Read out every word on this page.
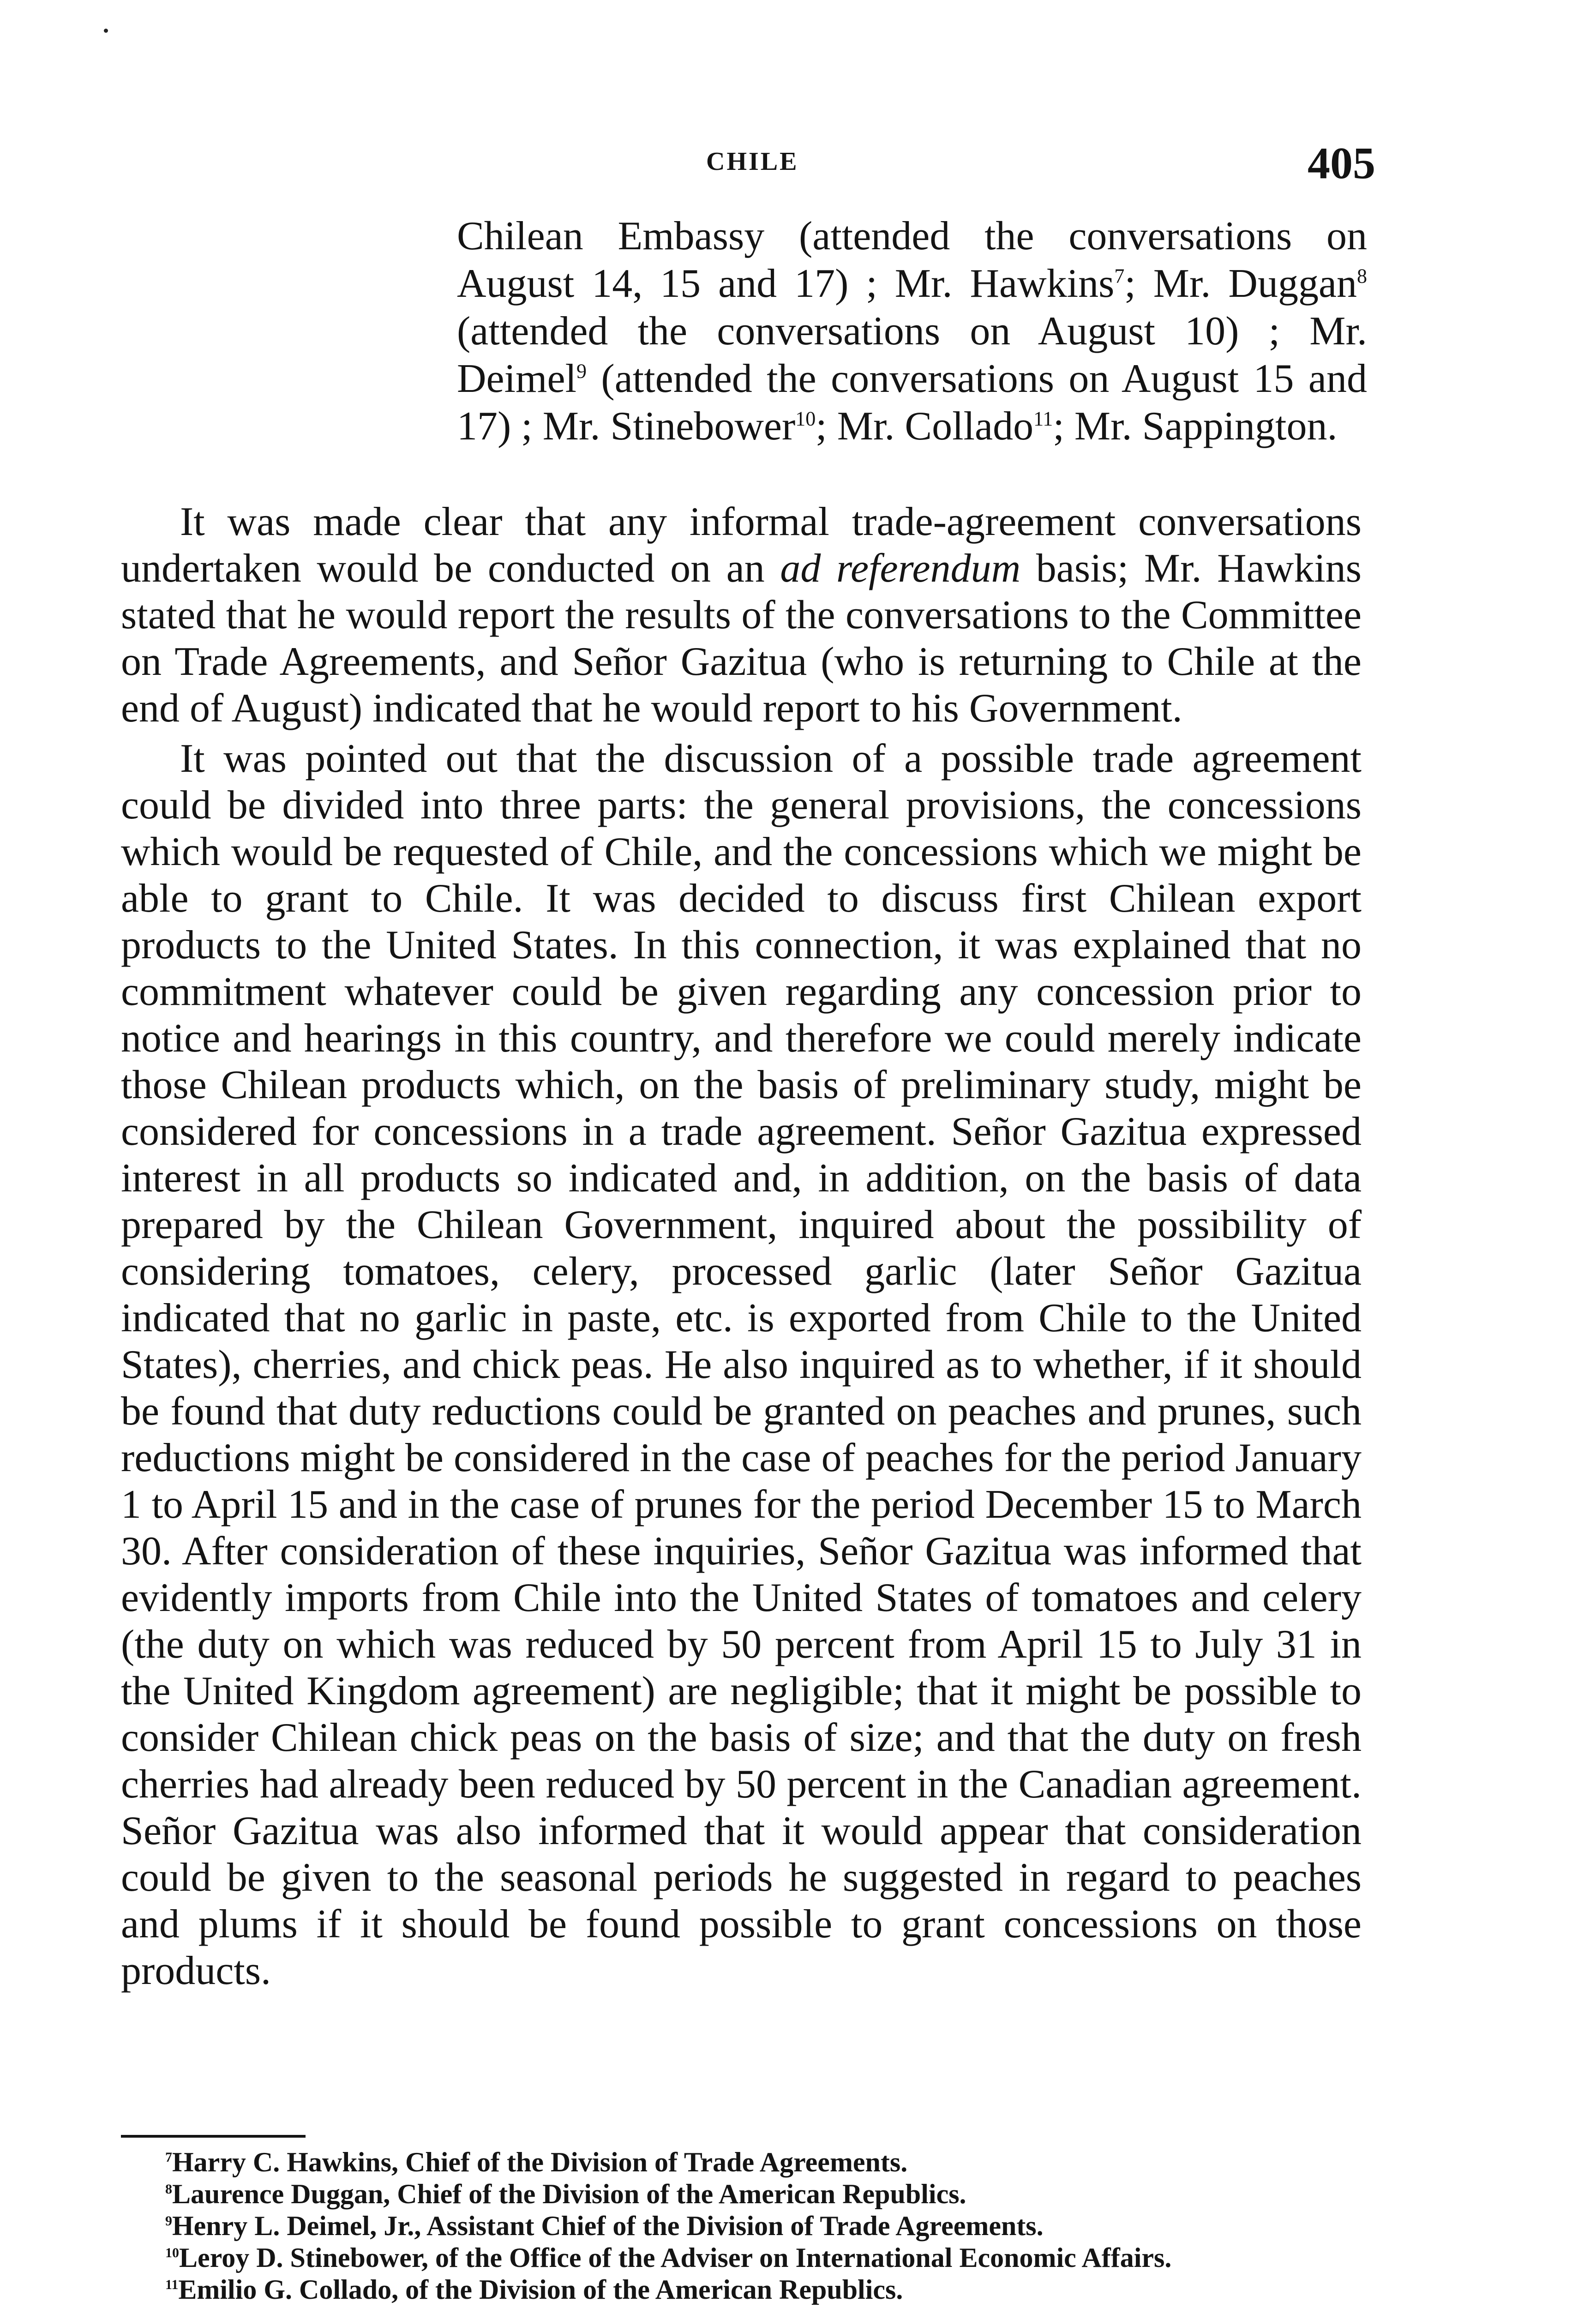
CHILE	405
Chilean Embassy (attended the conversations on August 14, 15 and 17) ; Mr. Hawkins$^7$; Mr. Duggan$^8$ (attended the conversations on August 10) ; Mr. Deimel$^9$ (attended the conversations on August 15 and 17) ; Mr. Stinebower$^{10}$; Mr. Collado$^{11}$; Mr. Sappington.

It was made clear that any informal trade-agreement conversations undertaken would be conducted on an ad referendum basis; Mr. Hawkins stated that he would report the results of the conversations to the Committee on Trade Agreements, and Señor Gazitua (who is returning to Chile at the end of August) indicated that he would report to his Government.

It was pointed out that the discussion of a possible trade agreement could be divided into three parts: the general provisions, the concessions which would be requested of Chile, and the concessions which we might be able to grant to Chile. It was decided to discuss first Chilean export products to the United States. In this connection, it was explained that no commitment whatever could be given regarding any concession prior to notice and hearings in this country, and therefore we could merely indicate those Chilean products which, on the basis of preliminary study, might be considered for concessions in a trade agreement. Señor Gazitua expressed interest in all products so indicated and, in addition, on the basis of data prepared by the Chilean Government, inquired about the possibility of considering tomatoes, celery, processed garlic (later Señor Gazitua indicated that no garlic in paste, etc. is exported from Chile to the United States), cherries, and chick peas. He also inquired as to whether, if it should be found that duty reductions could be granted on peaches and prunes, such reductions might be considered in the case of peaches for the period January 1 to April 15 and in the case of prunes for the period December 15 to March 30. After consideration of these inquiries, Señor Gazitua was informed that evidently imports from Chile into the United States of tomatoes and celery (the duty on which was reduced by 50 percent from April 15 to July 31 in the United Kingdom agreement) are negligible; that it might be possible to consider Chilean chick peas on the basis of size; and that the duty on fresh cherries had already been reduced by 50 percent in the Canadian agreement. Señor Gazitua was also informed that it would appear that consideration could be given to the seasonal periods he suggested in regard to peaches and plums if it should be found possible to grant concessions on those products.

$^7$Harry C. Hawkins, Chief of the Division of Trade Agreements.
$^8$Laurence Duggan, Chief of the Division of the American Republics.
$^9$Henry L. Deimel, Jr., Assistant Chief of the Division of Trade Agreements.
$^{10}$Leroy D. Stinebower, of the Office of the Adviser on International Economic Affairs.
$^{11}$Emilio G. Collado, of the Division of the American Republics.
